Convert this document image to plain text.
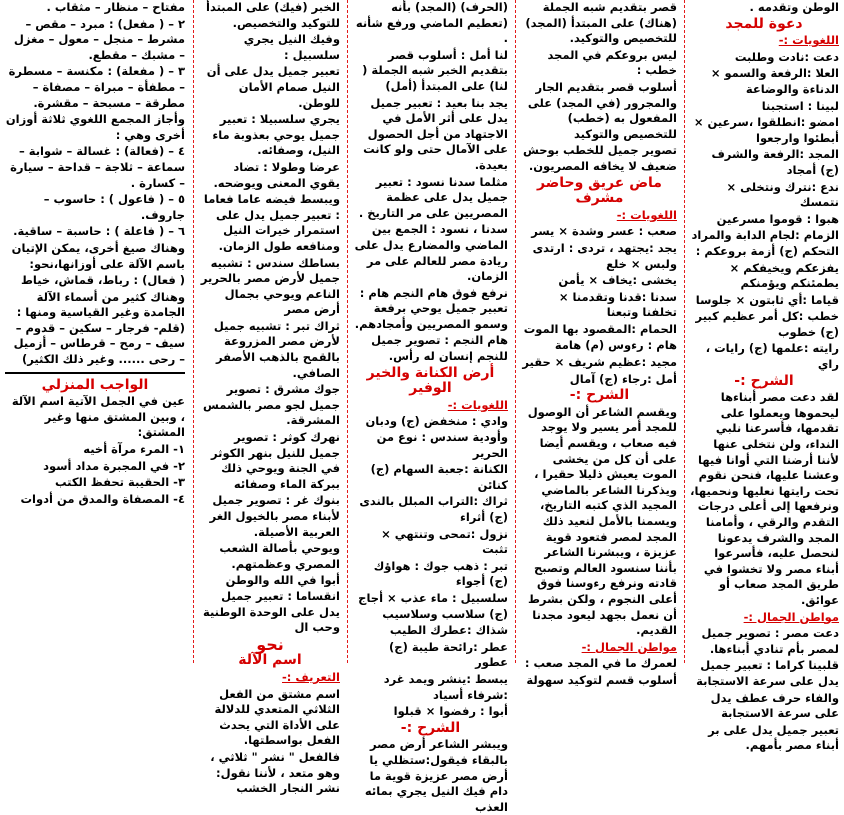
الوطن وتقدمه .

دعوة للمجد

اللغويات :-

دعت :نادت وطلبت

العلا :الرفعة والسمو × الدناءة والوضاعة

لبينا : استجبنا

امضو :انطلقوا ،سرعين × أبطئوا وارجعوا

المجد :الرفعة والشرف (ج) أمجاد

ندع :نترك ونتخلى × نتمسك

هبوا : قوموا مسرعين

الزمام :لجام الدابة والمراد التحكم (ج) أزمة بروعكم :

يفزعكم ويخيفكم × يطمئنكم ويؤمنكم

قياما :أي ثابتون × جلوسا

خطب :كل أمر عظيم كبير (ج) خطوب

رايته :علمها (ج) رايات ، راي

الشرح :-

لقد دعت مصر أبناءها ليحموها ويعملوا على تقدمها، فأسرعنا نلبي النداء، ولن نتخلى عنها لأننا أرضنا التي أوانا فيها وعشنا عليها، فنحن نقوم تحت رايتها نعليها ونحميها، ونرفعها إلى أعلى درجات التقدم والرقي ، وأمامنا المجد والشرف يدعونا لنحصل عليه، فأسرعوا أبناء مصر ولا تخشوا في طريق المجد صعاب أو عوائق.

مواطن الجمال :-

دعت مصر : تصوير جميل لمصر بأم تنادي أبناءها.

قلبينا كراما : تعبير جميل يدل على سرعة الاستجابة

والفاء حرف عطف يدل على سرعة الاستجابة

تعبير جميل يدل على بر أبناء مصر بأمهم.

قصر بتقديم شبه الجملة (هناك) على المبتدأ (المجد) للتخصيص والتوكيد.

ليس بروعكم في المجد خطب :

أسلوب قصر بتقديم الجار والمجرور (في المجد) على المفعول به (خطب) للتخصيص والتوكيد

تصوير جميل للخطب بوحش ضعيف لا يخافه المصريون.

ماض عريق وحاضر مشرف

اللغويات :-

صعب : عسر وشدة × يسر

يجد :يجتهد ، تردى : ارتدى ولبس × خلع

يخشى :يخاف × يأمن

سدنا :قدنا وتقدمنا × تخلفنا وتبعنا

الحمام :المقصود بها الموت

هام : رءوس (م) هامة

مجيد :عظيم شريف × حقير

أمل :رجاء (ج) آمال

الشرح :-

ويقسم الشاعر أن الوصول للمجد أمر يسير ولا يوجد فيه صعاب ، ويقسم أيضا على أن كل من يخشى الموت يعيش ذليلا حقيرا ، ويذكرنا الشاعر بالماضي المجيد الذي كتبه التاريخ، ويسمنا بالأمل لنعيد ذلك المجد لمصر فتعود قوية عزيزة ، ويبشرنا الشاعر بأننا سنسود العالم وتصبح قادته ونرفع رءوسنا فوق أعلى النجوم ، ولكن بشرط أن نعمل بجهد ليعود مجدنا القديم.

مواطن الجمال :-

لعمرك ما في المجد صعب :

أسلوب قسم لتوكيد سهولة

(الحرف) (المجد) بأنه (تعطيم الماضي ورفع شأنه .

لنا أمل : أسلوب قصر بتقديم الخبر شبه الجملة ( لنا) على المبتدأ (أمل)

يجد بنا بعيد : تعبير جميل يدل على أثر الأمل في الاجتهاد من أجل الحصول على الآمال حتى ولو كانت بعيدة.

مثلما سدنا نسود : تعبير جميل يدل على عظمة المصريين على مر التاريخ .

سدنا ، نسود : الجمع بين الماضي والمضارع يدل على ريادة مصر للعالم على مر الزمان.

نرفع فوق هام النجم هام : تعبير جميل يوحي برفعة وسمو المصريين وأمجادهم.

هام النجم : تصوير جميل للنجم إنسان له رأس.

أرض الكنانة والخير الوفير

اللغويات :-

وادي : منخفض (ج) ودبان وأودية سندس : نوع من الحرير

الكنانة :جعبة السهام (ج) كنائن

ثراك :التراب المبلل بالندى (ج) أثراء

نزول :تمحى وتنتهي × تثبت

تبر : ذهب جوك : هواؤك (ج) أجواء

سلسبيل : ماء عذب × أجاج (ج) سلاسب وسلاسيب

شذاك :عطرك الطيب

عطر :رائحة طيبة (ج) عطور

يبسط :ينشر ويمد غرد :شرفاء أسياد

أبوا : رفضوا × قبلوا

الشرح :-

ويبشر الشاعر أرض مصر بالبقاء فيقول:ستظلي يا أرض مصر عزيزة قوية ما دام فيك النيل يجري بمائه العذب

الخبر (فيك) على المبتدأ للتوكيد والتخصيص.

وفيك النيل يجري سلسبيل :

تعبير جميل يدل على أن النيل صمام الأمان للوطن.

يجري سلسبيلا : تعبير جميل يوحي بعذوبة ماء النيل، وصفائه.

عرضا وطولا : تضاد يقوي المعنى ويوضحه.

ويبسط فيضه عاما فعاما : تعبير جميل يدل على استمرار خيرات النيل ومنافعه طول الزمان.

بساطك سندس : تشبيه جميل لأرض مصر بالحرير الناعم ويوحي بجمال أرض مصر

ثراك تبر : تشبيه جميل لأرض مصر المزروعة بالقمح بالذهب الأصفر الصافي.

جوك مشرق : تصوير جميل لجو مصر بالشمس المشرقة.

نهرك كوثر : تصوير جميل للنيل بنهر الكوثر في الجنة ويوحي ذلك ببركة الماء وصفائه

بنوك غر : تصوير جميل لأبناء مصر بالخيول الغر العربية الأصيلة.

ويوحي بأصالة الشعب المصري وعظمتهم.

أبوا في الله والوطن انقساما : تعبير جميل يدل على الوحدة الوطنية وحب ال

نحو

اسم الآلة

التعريف :-

اسم مشتق من الفعل الثلاثي المتعدي للدلالة على الأداة التي يحدث الفعل بواسطتها.

فالفعل " نشر " ثلاثي ، وهو متعد ، لأننا نقول: نشر النجار الخشب

مفتاح – منظار – مثقاب .

٢ – ( مفعل) : مبرد – مقص – مشرط – منجل – معول – مغزل – مشبك – مقطع.

٣ – ( مفعلة) : مكنسة – مسطرة – مطفأة – مبراة – مصفاة – مطرقة – مسبحة – مقشرة.

وأجاز المجمع اللغوي ثلاثة أوزان أخرى وهي :

٤ – (فعالة) : غسالة – شوابة – سماعة – ثلاجة – قداحة – سيارة – كسارة .

٥ – ( فاعول ) : حاسوب – جاروف.

٦ – ( فاعلة ) : حاسبة – ساقية.

وهناك صيغ أخرى، يمكن الإتيان باسم الآلة على أوزانها،نحو:

( فعال) : رباط، قماش، خياط

وهناك كثير من أسماء الآلة الجامدة وغير القياسية ومنها : (قلم- فرجار – سكين – قدوم – سيف – رمح – قرطاس – أزميل – رحى ...... وغير ذلك الكثير)

الواجب المنزلي

عين في الجمل الآتية اسم الآلة ، وبين المشتق منها وغير المشتق:

١- المرء مرآة أخيه

٢- في المجبرة مداد أسود

٣- الحقيبة تحفظ الكتب

٤- المصفاة والمدق من أدوات
